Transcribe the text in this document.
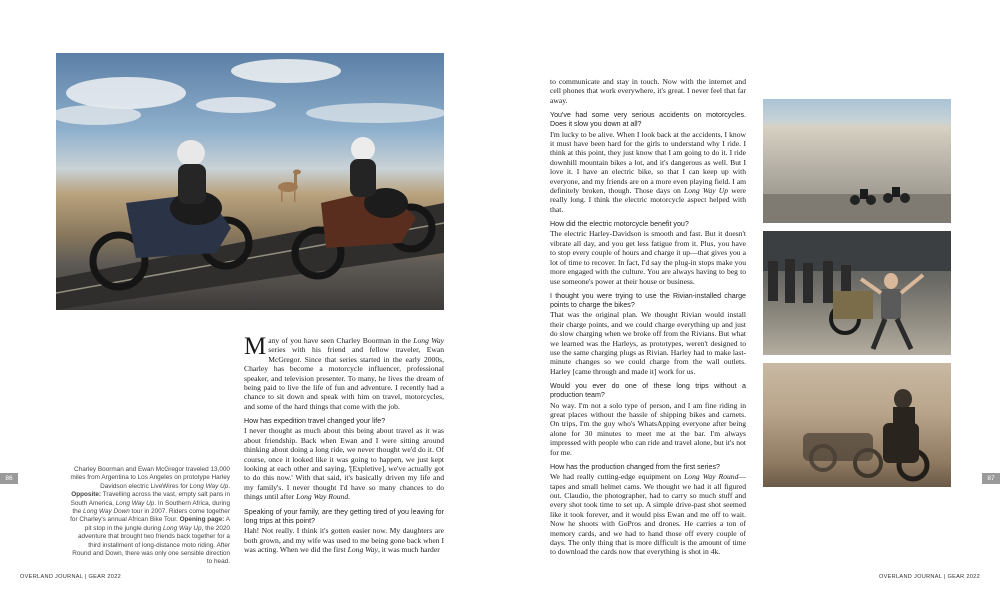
Charley Boorman and Ewan McGregor traveled 13,000 miles from Argentina to Los Angeles on prototype Harley Davidson electric LiveWires for Long Way Up. Opposite: Travelling across the vast, empty salt pans in South America, Long Way Up. In Southern Africa, during the Long Way Down tour in 2007. Riders come together for Charley's annual African Bike Tour. Opening page: A pit stop in the jungle during Long Way Up, the 2020 adventure that brought two friends back together for a third installment of long-distance moto riding. After Round and Down, there was only one sensible direction to head.

Many of you have seen Charley Boorman in the Long Way series with his friend and fellow traveler, Ewan McGregor. Since that series started in the early 2000s, Charley has become a motorcycle influencer, professional speaker, and television presenter. To many, he lives the dream of being paid to live the life of fun and adventure. I recently had a chance to sit down and speak with him on travel, motorcycles, and some of the hard things that come with the job.

How has expedition travel changed your life?

I never thought as much about this being about travel as it was about friendship. Back when Ewan and I were sitting around thinking about doing a long ride, we never thought we'd do it. Of course, once it looked like it was going to happen, we just kept looking at each other and saying, '[Expletive], we've actually got to do this now.' With that said, it's basically driven my life and my family's. I never thought I'd have so many chances to do things until after Long Way Round.

Speaking of your family, are they getting tired of you leaving for long trips at this point?

Hah! Not really. I think it's gotten easier now. My daughters are both grown, and my wife was used to me being gone back when I was acting. When we did the first Long Way, it was much harder

to communicate and stay in touch. Now with the internet and cell phones that work everywhere, it's great. I never feel that far away.

You've had some very serious accidents on motorcycles. Does it slow you down at all?

I'm lucky to be alive. When I look back at the accidents, I know it must have been hard for the girls to understand why I ride. I think at this point, they just know that I am going to do it. I ride downhill mountain bikes a lot, and it's dangerous as well. But I love it. I have an electric bike, so that I can keep up with everyone, and my friends are on a more even playing field. I am definitely broken, though. Those days on Long Way Up were really long. I think the electric motorcycle aspect helped with that.

How did the electric motorcycle benefit you?

The electric Harley-Davidson is smooth and fast. But it doesn't vibrate all day, and you get less fatigue from it. Plus, you have to stop every couple of hours and charge it up—that gives you a lot of time to recover. In fact, I'd say the plug-in stops make you more engaged with the culture. You are always having to beg to use someone's power at their house or business.

I thought you were trying to use the Rivian-installed charge points to charge the bikes?

That was the original plan. We thought Rivian would install their charge points, and we could charge everything up and just do slow charging when we broke off from the Rivians. But what we learned was the Harleys, as prototypes, weren't designed to use the same charging plugs as Rivian. Harley had to make last-minute changes so we could charge from the wall outlets. Harley [came through and made it] work for us.

Would you ever do one of these long trips without a production team?

No way. I'm not a solo type of person, and I am fine riding in great places without the hassle of shipping bikes and carnets. On trips, I'm the guy who's WhatsApping everyone after being alone for 30 minutes to meet me at the bar. I'm always impressed with people who can ride and travel alone, but it's not for me.

How has the production changed from the first series?

We had really cutting-edge equipment on Long Way Round—tapes and small helmet cams. We thought we had it all figured out. Claudio, the photographer, had to carry so much stuff and every shot took time to set up. A simple drive-past shot seemed like it took forever, and it would piss Ewan and me off to wait. Now he shoots with GoPros and drones. He carries a ton of memory cards, and we had to hand those off every couple of days. The only thing that is more difficult is the amount of time to download the cards now that everything is shot in 4k.

86	87
OVERLAND JOURNAL | GEAR 2022	OVERLAND JOURNAL | GEAR 2022
